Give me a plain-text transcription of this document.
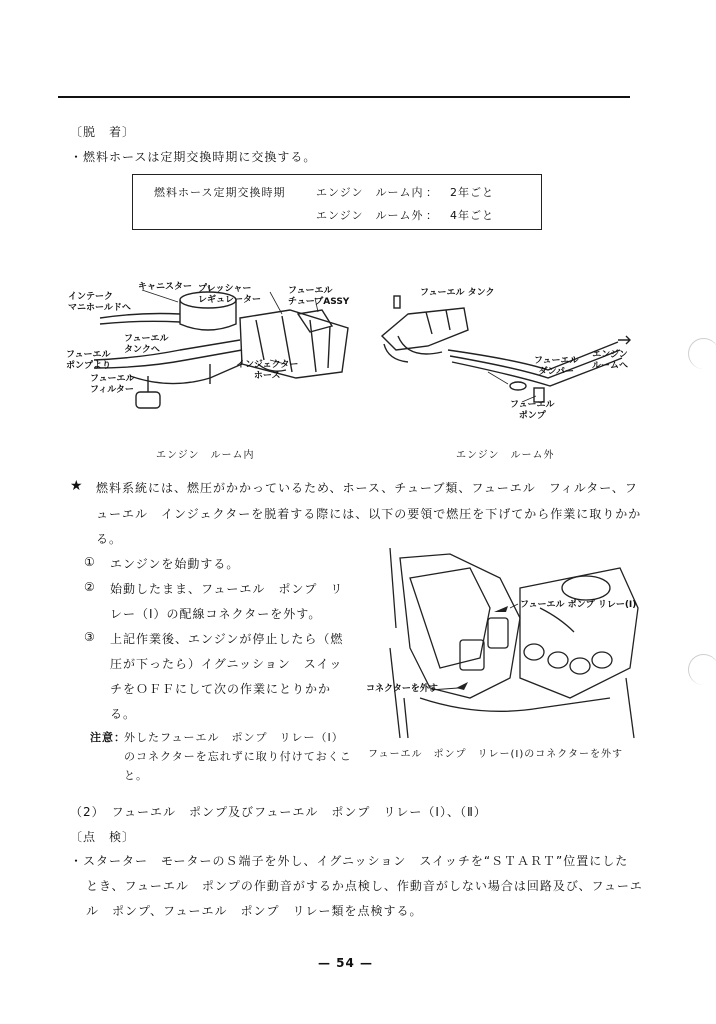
〔脱　着〕
・燃料ホースは定期交換時期に交換する。
燃料ホース定期交換時期	エンジン　ルーム内 ： 2年ごと
エンジン　ルーム外 ： 4年ごと
インテーク
マニホールドへ
キャニスター プレッシャー
レギュレーター
フューエル
チューブASSY
フューエル
タンクへ
フューエル
ポンプより
フューエル
フィルター
インジェクター
ホース
エンジン　ルーム内
フューエル タンク
エンジン
ルームへ
フューエル
ダンパー
フューエル
ポンプ
エンジン　ルーム外
★ 燃料系統には、燃圧がかかっているため、ホース、チューブ類、フューエル　フィルター、フ
ューエル　インジェクターを脱着する際には、以下の要領で燃圧を下げてから作業に取りかか
る。
① エンジンを始動する。
② 始動したまま、フューエル　ポンプ　リ
レー（Ⅰ）の配線コネクターを外す。
③ 上記作業後、エンジンが停止したら（燃
圧が下ったら）イグニッション　スイッ
チをＯＦＦにして次の作業にとりかか
る。
注意：
外したフューエル　ポンプ　リレー（Ⅰ）
のコネクターを忘れずに取り付けておくこ
と。
フューエル ポンプ リレー(Ⅰ)
コネクターを外す
フューエル　ポンプ　リレー(Ⅰ)のコネクターを外す
（2）　フューエル　ポンプ及びフューエル　ポンプ　リレー（Ⅰ）、（Ⅱ）
〔点　検〕
・スターター　モーターのＳ端子を外し、イグニッション　スイッチを“ＳＴＡＲＴ”位置にした
とき、フューエル　ポンプの作動音がするか点検し、作動音がしない場合は回路及び、フューエ
ル　ポンプ、フューエル　ポンプ　リレー類を点検する。
— 54 —
